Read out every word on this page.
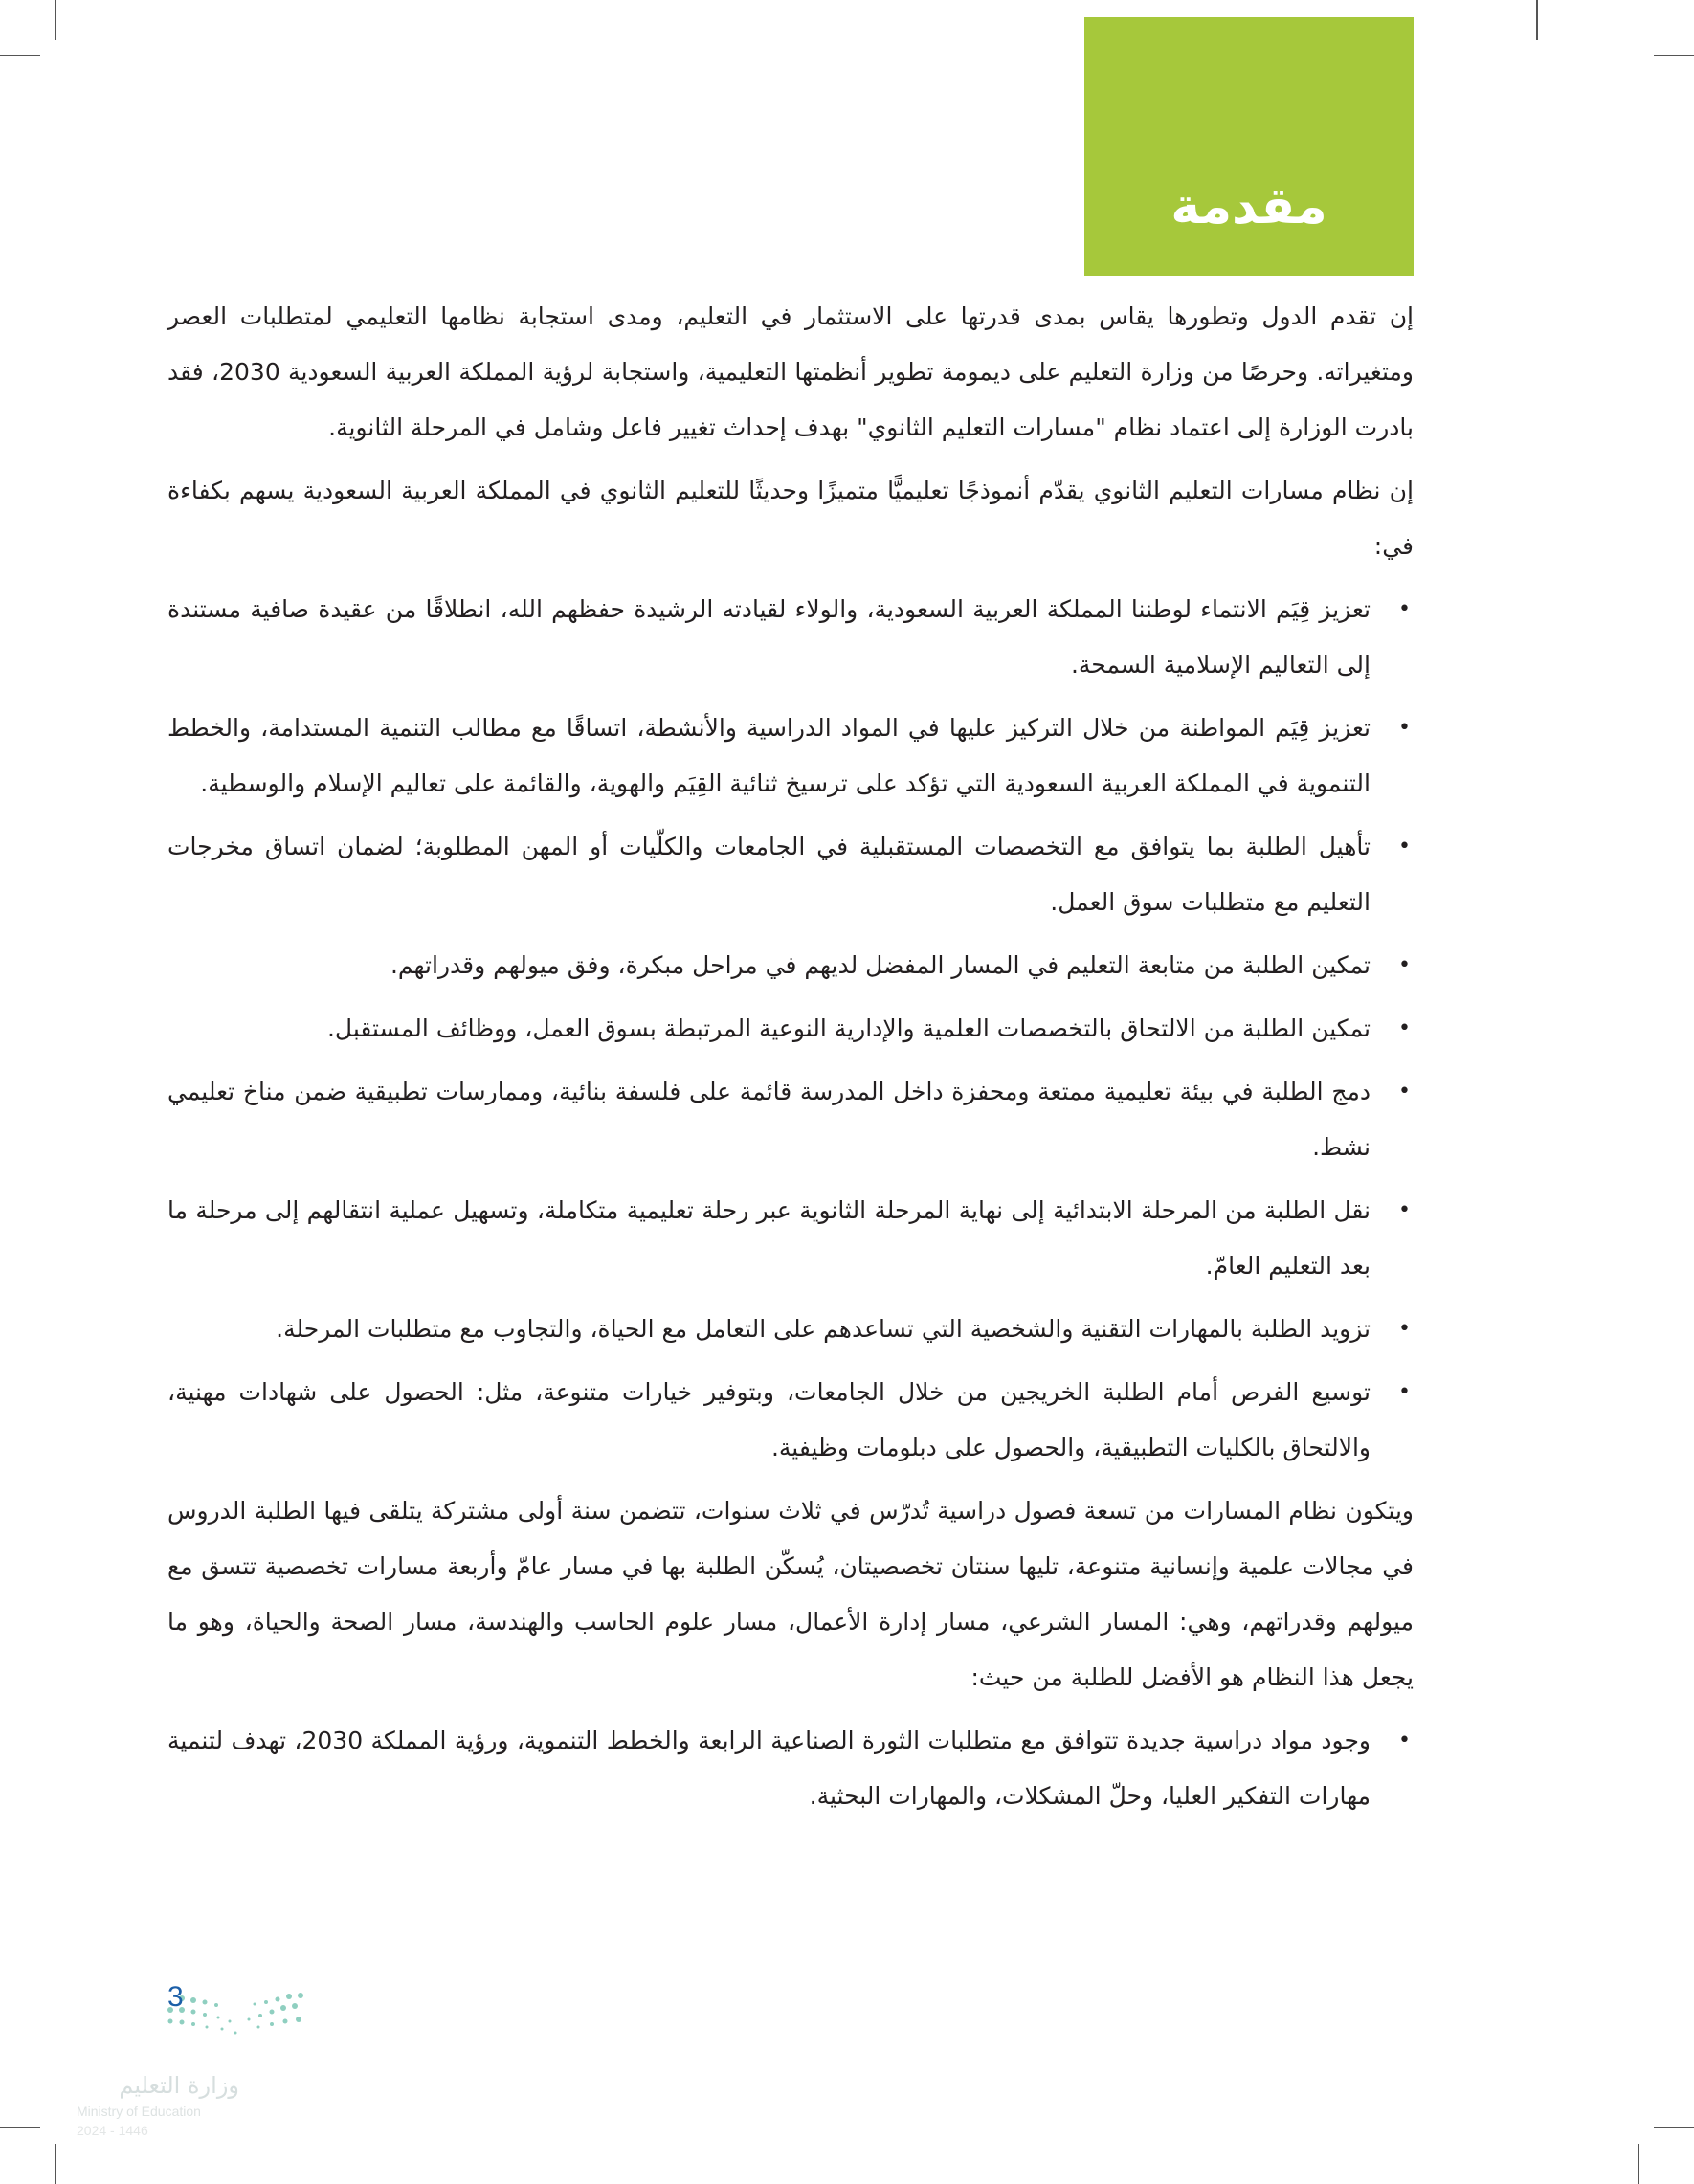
مقدمة

إن تقدم الدول وتطورها يقاس بمدى قدرتها على الاستثمار في التعليم، ومدى استجابة نظامها التعليمي لمتطلبات العصر ومتغيراته. وحرصًا من وزارة التعليم على ديمومة تطوير أنظمتها التعليمية، واستجابة لرؤية المملكة العربية السعودية 2030، فقد بادرت الوزارة إلى اعتماد نظام "مسارات التعليم الثانوي" بهدف إحداث تغيير فاعل وشامل في المرحلة الثانوية.

إن نظام مسارات التعليم الثانوي يقدّم أنموذجًا تعليميًّا متميزًا وحديثًا للتعليم الثانوي في المملكة العربية السعودية يسهم بكفاءة في:

•
تعزيز قِيَم الانتماء لوطننا المملكة العربية السعودية، والولاء لقيادته الرشيدة حفظهم الله، انطلاقًا من عقيدة صافية مستندة إلى التعاليم الإسلامية السمحة.
•
تعزيز قِيَم المواطنة من خلال التركيز عليها في المواد الدراسية والأنشطة، اتساقًا مع مطالب التنمية المستدامة، والخطط التنموية في المملكة العربية السعودية التي تؤكد على ترسيخ ثنائية القِيَم والهوية، والقائمة على تعاليم الإسلام والوسطية.
•
تأهيل الطلبة بما يتوافق مع التخصصات المستقبلية في الجامعات والكلّيات أو المهن المطلوبة؛ لضمان اتساق مخرجات التعليم مع متطلبات سوق العمل.
•
تمكين الطلبة من متابعة التعليم في المسار المفضل لديهم في مراحل مبكرة، وفق ميولهم وقدراتهم.
•
تمكين الطلبة من الالتحاق بالتخصصات العلمية والإدارية النوعية المرتبطة بسوق العمل، ووظائف المستقبل.
•
دمج الطلبة في بيئة تعليمية ممتعة ومحفزة داخل المدرسة قائمة على فلسفة بنائية، وممارسات تطبيقية ضمن مناخ تعليمي نشط.
•
نقل الطلبة من المرحلة الابتدائية إلى نهاية المرحلة الثانوية عبر رحلة تعليمية متكاملة، وتسهيل عملية انتقالهم إلى مرحلة ما بعد التعليم العامّ.
•
تزويد الطلبة بالمهارات التقنية والشخصية التي تساعدهم على التعامل مع الحياة، والتجاوب مع متطلبات المرحلة.
•
توسيع الفرص أمام الطلبة الخريجين من خلال الجامعات، وبتوفير خيارات متنوعة، مثل: الحصول على شهادات مهنية، والالتحاق بالكليات التطبيقية، والحصول على دبلومات وظيفية.

ويتكون نظام المسارات من تسعة فصول دراسية تُدرّس في ثلاث سنوات، تتضمن سنة أولى مشتركة يتلقى فيها الطلبة الدروس في مجالات علمية وإنسانية متنوعة، تليها سنتان تخصصيتان، يُسكّن الطلبة بها في مسار عامّ وأربعة مسارات تخصصية تتسق مع ميولهم وقدراتهم، وهي: المسار الشرعي، مسار إدارة الأعمال، مسار علوم الحاسب والهندسة، مسار الصحة والحياة، وهو ما يجعل هذا النظام هو الأفضل للطلبة من حيث:

•
وجود مواد دراسية جديدة تتوافق مع متطلبات الثورة الصناعية الرابعة والخطط التنموية، ورؤية المملكة 2030، تهدف لتنمية مهارات التفكير العليا، وحلّ المشكلات، والمهارات البحثية.
3
وزارة التعليم
Ministry of Education
2024 - 1446
